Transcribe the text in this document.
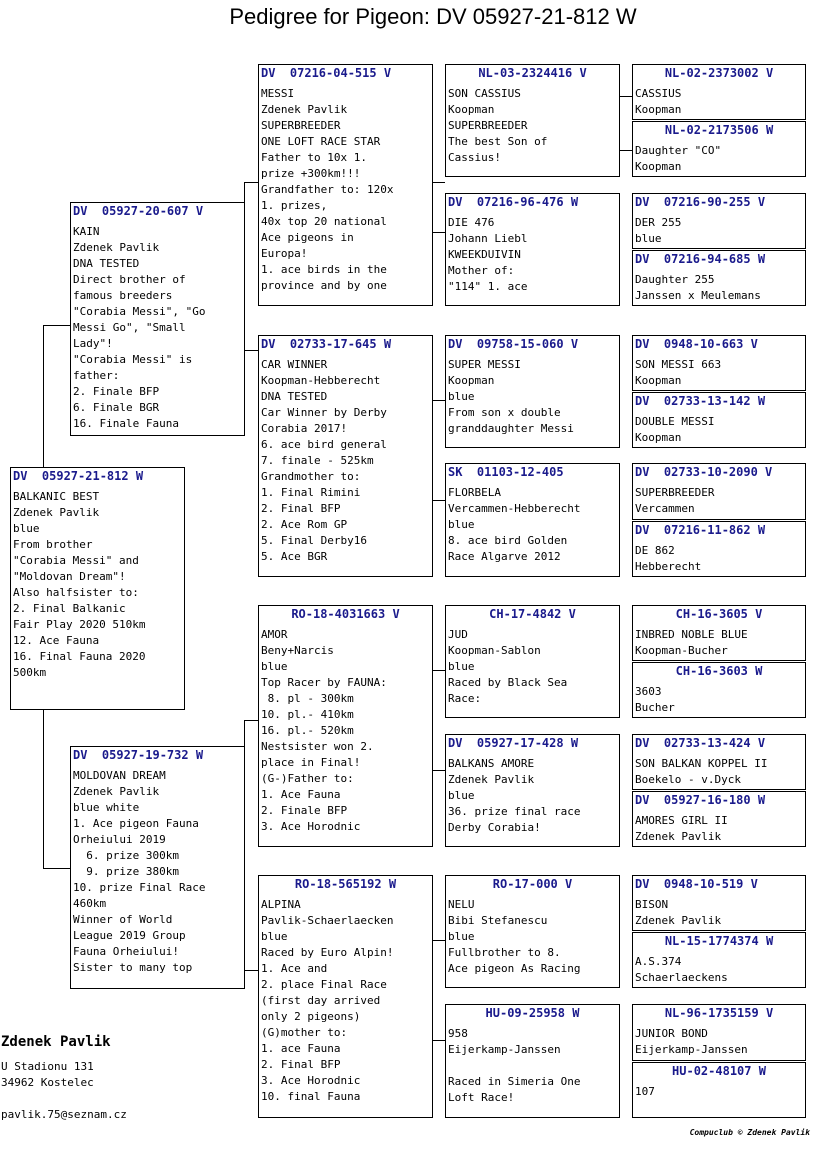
Pedigree for Pigeon: DV 05927-21-812 W
DV  05927-21-812 W
BALKANIC BEST
Zdenek Pavlik
blue
From brother
"Corabia Messi" and
"Moldovan Dream"!
Also halfsister to:
2. Final Balkanic
Fair Play 2020 510km
12. Ace Fauna
16. Final Fauna 2020
500km
DV  05927-20-607 V
KAIN
Zdenek Pavlik
DNA TESTED
Direct brother of
famous breeders
"Corabia Messi", "Go
Messi Go", "Small
Lady"!
"Corabia Messi" is
father:
2. Finale BFP
6. Finale BGR
16. Finale Fauna
DV  05927-19-732 W
MOLDOVAN DREAM
Zdenek Pavlik
blue white
1. Ace pigeon Fauna
Orheiului 2019
6. prize 300km
9. prize 380km
10. prize Final Race
460km
Winner of World
League 2019 Group
Fauna Orheiului!
Sister to many top
DV  07216-04-515 V
MESSI
Zdenek Pavlik
SUPERBREEDER
ONE LOFT RACE STAR
Father to 10x 1.
prize +300km!!!
Grandfather to: 120x
1. prizes,
40x top 20 national
Ace pigeons in
Europa!
1. ace birds in the
province and by one
DV  02733-17-645 W
CAR WINNER
Koopman-Hebberecht
DNA TESTED
Car Winner by Derby
Corabia 2017!
6. ace bird general
7. finale - 525km
Grandmother to:
1. Final Rimini
2. Final BFP
2. Ace Rom GP
5. Final Derby16
5. Ace BGR
RO-18-4031663 V
AMOR
Beny+Narcis
blue
Top Racer by FAUNA:
8. pl - 300km
10. pl.- 410km
16. pl.- 520km
Nestsister won 2.
place in Final!
(G-)Father to:
1. Ace Fauna
2. Finale BFP
3. Ace Horodnic
RO-18-565192 W
ALPINA
Pavlik-Schaerlaecken
blue
Raced by Euro Alpin!
1. Ace and
2. place Final Race
(first day arrived
only 2 pigeons)
(G)mother to:
1. ace Fauna
2. Final BFP
3. Ace Horodnic
10. final Fauna
NL-03-2324416 V
SON CASSIUS
Koopman
SUPERBREEDER
The best Son of
Cassius!
DV  07216-96-476 W
DIE 476
Johann Liebl
KWEEKDUIVIN
Mother of:
"114" 1. ace
DV  09758-15-060 V
SUPER MESSI
Koopman
blue
From son x double
granddaughter Messi
SK  01103-12-405
FLORBELA
Vercammen-Hebberecht
blue
8. ace bird Golden
Race Algarve 2012
CH-17-4842 V
JUD
Koopman-Sablon
blue
Raced by Black Sea
Race:
DV  05927-17-428 W
BALKANS AMORE
Zdenek Pavlik
blue
36. prize final race
Derby Corabia!
RO-17-000 V
NELU
Bibi Stefanescu
blue
Fullbrother to 8.
Ace pigeon As Racing
HU-09-25958 W
958
Eijerkamp-Janssen
Raced in Simeria One
Loft Race!
NL-02-2373002 V
CASSIUS
Koopman
NL-02-2173506 W
Daughter "CO"
Koopman
DV  07216-90-255 V
DER 255
blue
DV  07216-94-685 W
Daughter 255
Janssen x Meulemans
DV  0948-10-663 V
SON MESSI 663
Koopman
DV  02733-13-142 W
DOUBLE MESSI
Koopman
DV  02733-10-2090 V
SUPERBREEDER
Vercammen
DV  07216-11-862 W
DE 862
Hebberecht
CH-16-3605 V
INBRED NOBLE BLUE
Koopman-Bucher
CH-16-3603 W
3603
Bucher
DV  02733-13-424 V
SON BALKAN KOPPEL II
Boekelo - v.Dyck
DV  05927-16-180 W
AMORES GIRL II
Zdenek Pavlik
DV  0948-10-519 V
BISON
Zdenek Pavlik
NL-15-1774374 W
A.S.374
Schaerlaeckens
NL-96-1735159 V
JUNIOR BOND
Eijerkamp-Janssen
HU-02-48107 W
107
Zdenek Pavlik
U Stadionu 131
34962 Kostelec
pavlik.75@seznam.cz
Compuclub © Zdenek Pavlik
